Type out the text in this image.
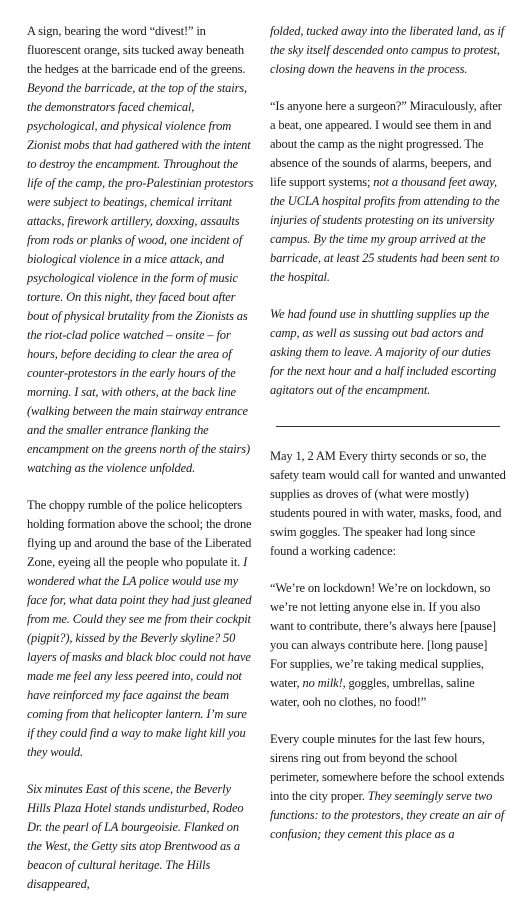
A sign, bearing the word “divest!” in fluorescent orange, sits tucked away beneath the hedges at the barricade end of the greens. Beyond the barricade, at the top of the stairs, the demonstrators faced chemical, psychological, and physical violence from Zionist mobs that had gathered with the intent to destroy the encampment. Throughout the life of the camp, the pro-Palestinian protestors were subject to beatings, chemical irritant attacks, firework artillery, doxxing, assaults from rods or planks of wood, one incident of biological violence in a mice attack, and psychological violence in the form of music torture. On this night, they faced bout after bout of physical brutality from the Zionists as the riot-clad police watched – onsite – for hours, before deciding to clear the area of counter-protestors in the early hours of the morning. I sat, with others, at the back line (walking between the main stairway entrance and the smaller entrance flanking the encampment on the greens north of the stairs) watching as the violence unfolded.

The choppy rumble of the police helicopters holding formation above the school; the drone flying up and around the base of the Liberated Zone, eyeing all the people who populate it. I wondered what the LA police would use my face for, what data point they had just gleaned from me. Could they see me from their cockpit (pigpit?), kissed by the Beverly skyline? 50 layers of masks and black bloc could not have made me feel any less peered into, could not have reinforced my face against the beam coming from that helicopter lantern. I’m sure if they could find a way to make light kill you they would.

Six minutes East of this scene, the Beverly Hills Plaza Hotel stands undisturbed, Rodeo Dr. the pearl of LA bourgeoisie. Flanked on the West, the Getty sits atop Brentwood as a beacon of cultural heritage. The Hills disappeared,

folded, tucked away into the liberated land, as if the sky itself descended onto campus to protest, closing down the heavens in the process.

“Is anyone here a surgeon?” Miraculously, after a beat, one appeared. I would see them in and about the camp as the night progressed. The absence of the sounds of alarms, beepers, and life support systems; not a thousand feet away, the UCLA hospital profits from attending to the injuries of students protesting on its university campus. By the time my group arrived at the barricade, at least 25 students had been sent to the hospital.

We had found use in shuttling supplies up the camp, as well as sussing out bad actors and asking them to leave. A majority of our duties for the next hour and a half included escorting agitators out of the encampment.

May 1, 2 AM Every thirty seconds or so, the safety team would call for wanted and unwanted supplies as droves of (what were mostly) students poured in with water, masks, food, and swim goggles. The speaker had long since found a working cadence:

“We’re on lockdown! We’re on lockdown, so we’re not letting anyone else in. If you also want to contribute, there’s always here [pause] you can always contribute here. [long pause] For supplies, we’re taking medical supplies, water, no milk!, goggles, umbrellas, saline water, ooh no clothes, no food!”

Every couple minutes for the last few hours, sirens ring out from beyond the school perimeter, somewhere before the school extends into the city proper. They seemingly serve two functions: to the protestors, they create an air of confusion; they cement this place as a
